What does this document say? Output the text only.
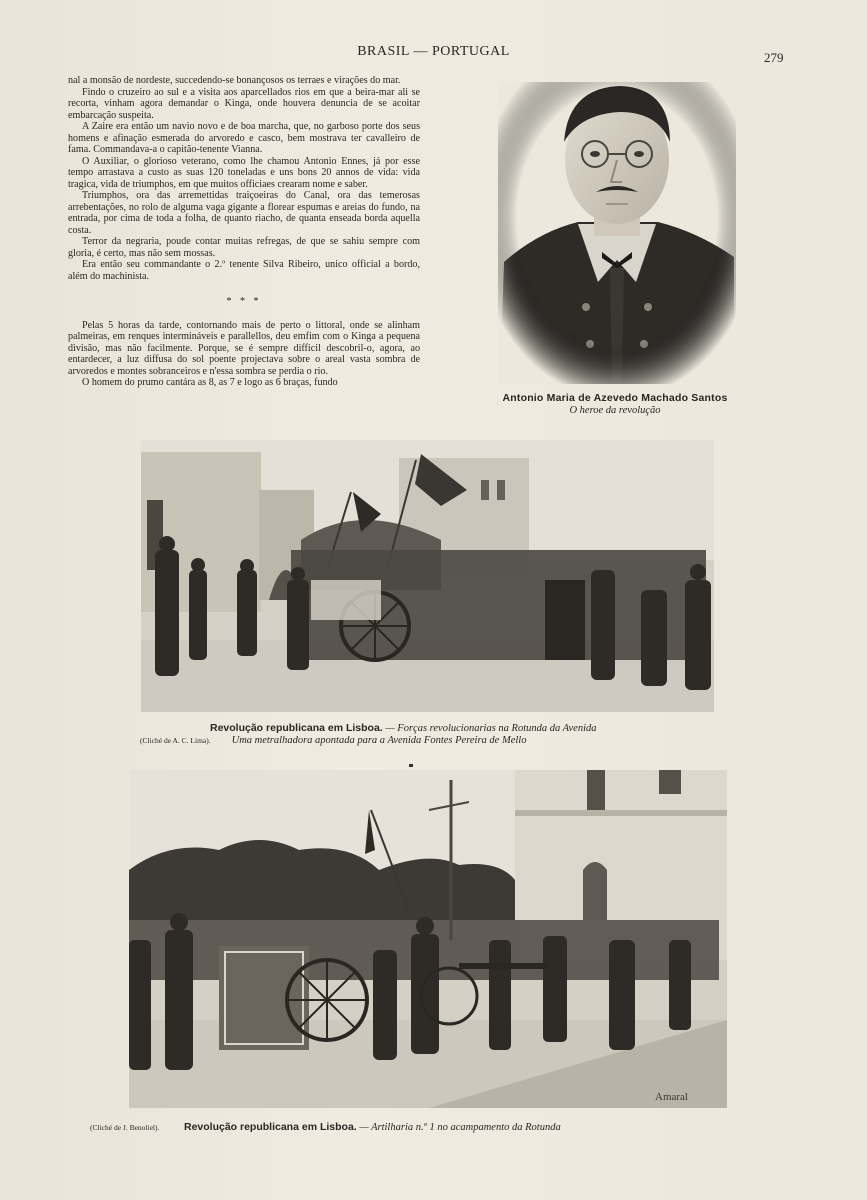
BRASIL — PORTUGAL	279

nal a monsão de nordeste, succedendo-se bonançosos os terraes e virações do mar.

Findo o cruzeiro ao sul e a visita aos aparcellados rios em que a beira-mar ali se recorta, vinham agora demandar o Kinga, onde houvera denuncia de se acoitar embarcação suspeita.

A Zaire era então um navio novo e de boa marcha, que, no garboso porte dos seus homens e afinação esmerada do arvoredo e casco, bem mostrava ter cavalleiro de fama. Commandava-a o capitão-tenente Vianna.

O Auxiliar, o glorioso veterano, como lhe chamou Antonio Ennes, já por esse tempo arrastava a custo as suas 120 toneladas e uns bons 20 annos de vida: vida tragica, vida de triumphos, em que muitos officiaes crearam nome e saber.

Triumphos, ora das arremettidas traiçoeiras do Canal, ora das temerosas arrebentações, no rolo de alguma vaga gigante a florear espumas e areias do fundo, na entrada, por cima de toda a folha, de quanto riacho, de quanta enseada borda aquella costa.

Terror da negraria, poude contar muitas refregas, de que se sahiu sempre com gloria, é certo, mas não sem mossas.

Era então seu commandante o 2.º tenente Silva Ribeiro, unico official a bordo, além do machinista.

* * *

Pelas 5 horas da tarde, contornando mais de perto o littoral, onde se alinham palmeiras, em renques intermináveis e parallellos, deu emfim com o Kinga a pequena divisão, mas não facilmente. Porque, se é sempre difficil descobril-o, agora, ao entardecer, a luz diffusa do sol poente projectava sobre o areal vasta sombra de arvoredos e montes sobranceiros e n'essa sombra se perdia o rio.

O homem do prumo cantára as 8, as 7 e logo as 6 braças, fundo

Antonio Maria de Azevedo Machado Santos
O heroe da revolução
Revolução republicana em Lisboa. — Forças revolucionarias na Rotunda da Avenida
(Cliché de A. C. Lima). Uma metralhadora apontada para a Avenida Fontes Pereira de Mello
Amaral
(Cliché de J. Benoliel). Revolução republicana em Lisboa. — Artilharia n.º 1 no acampamento da Rotunda
